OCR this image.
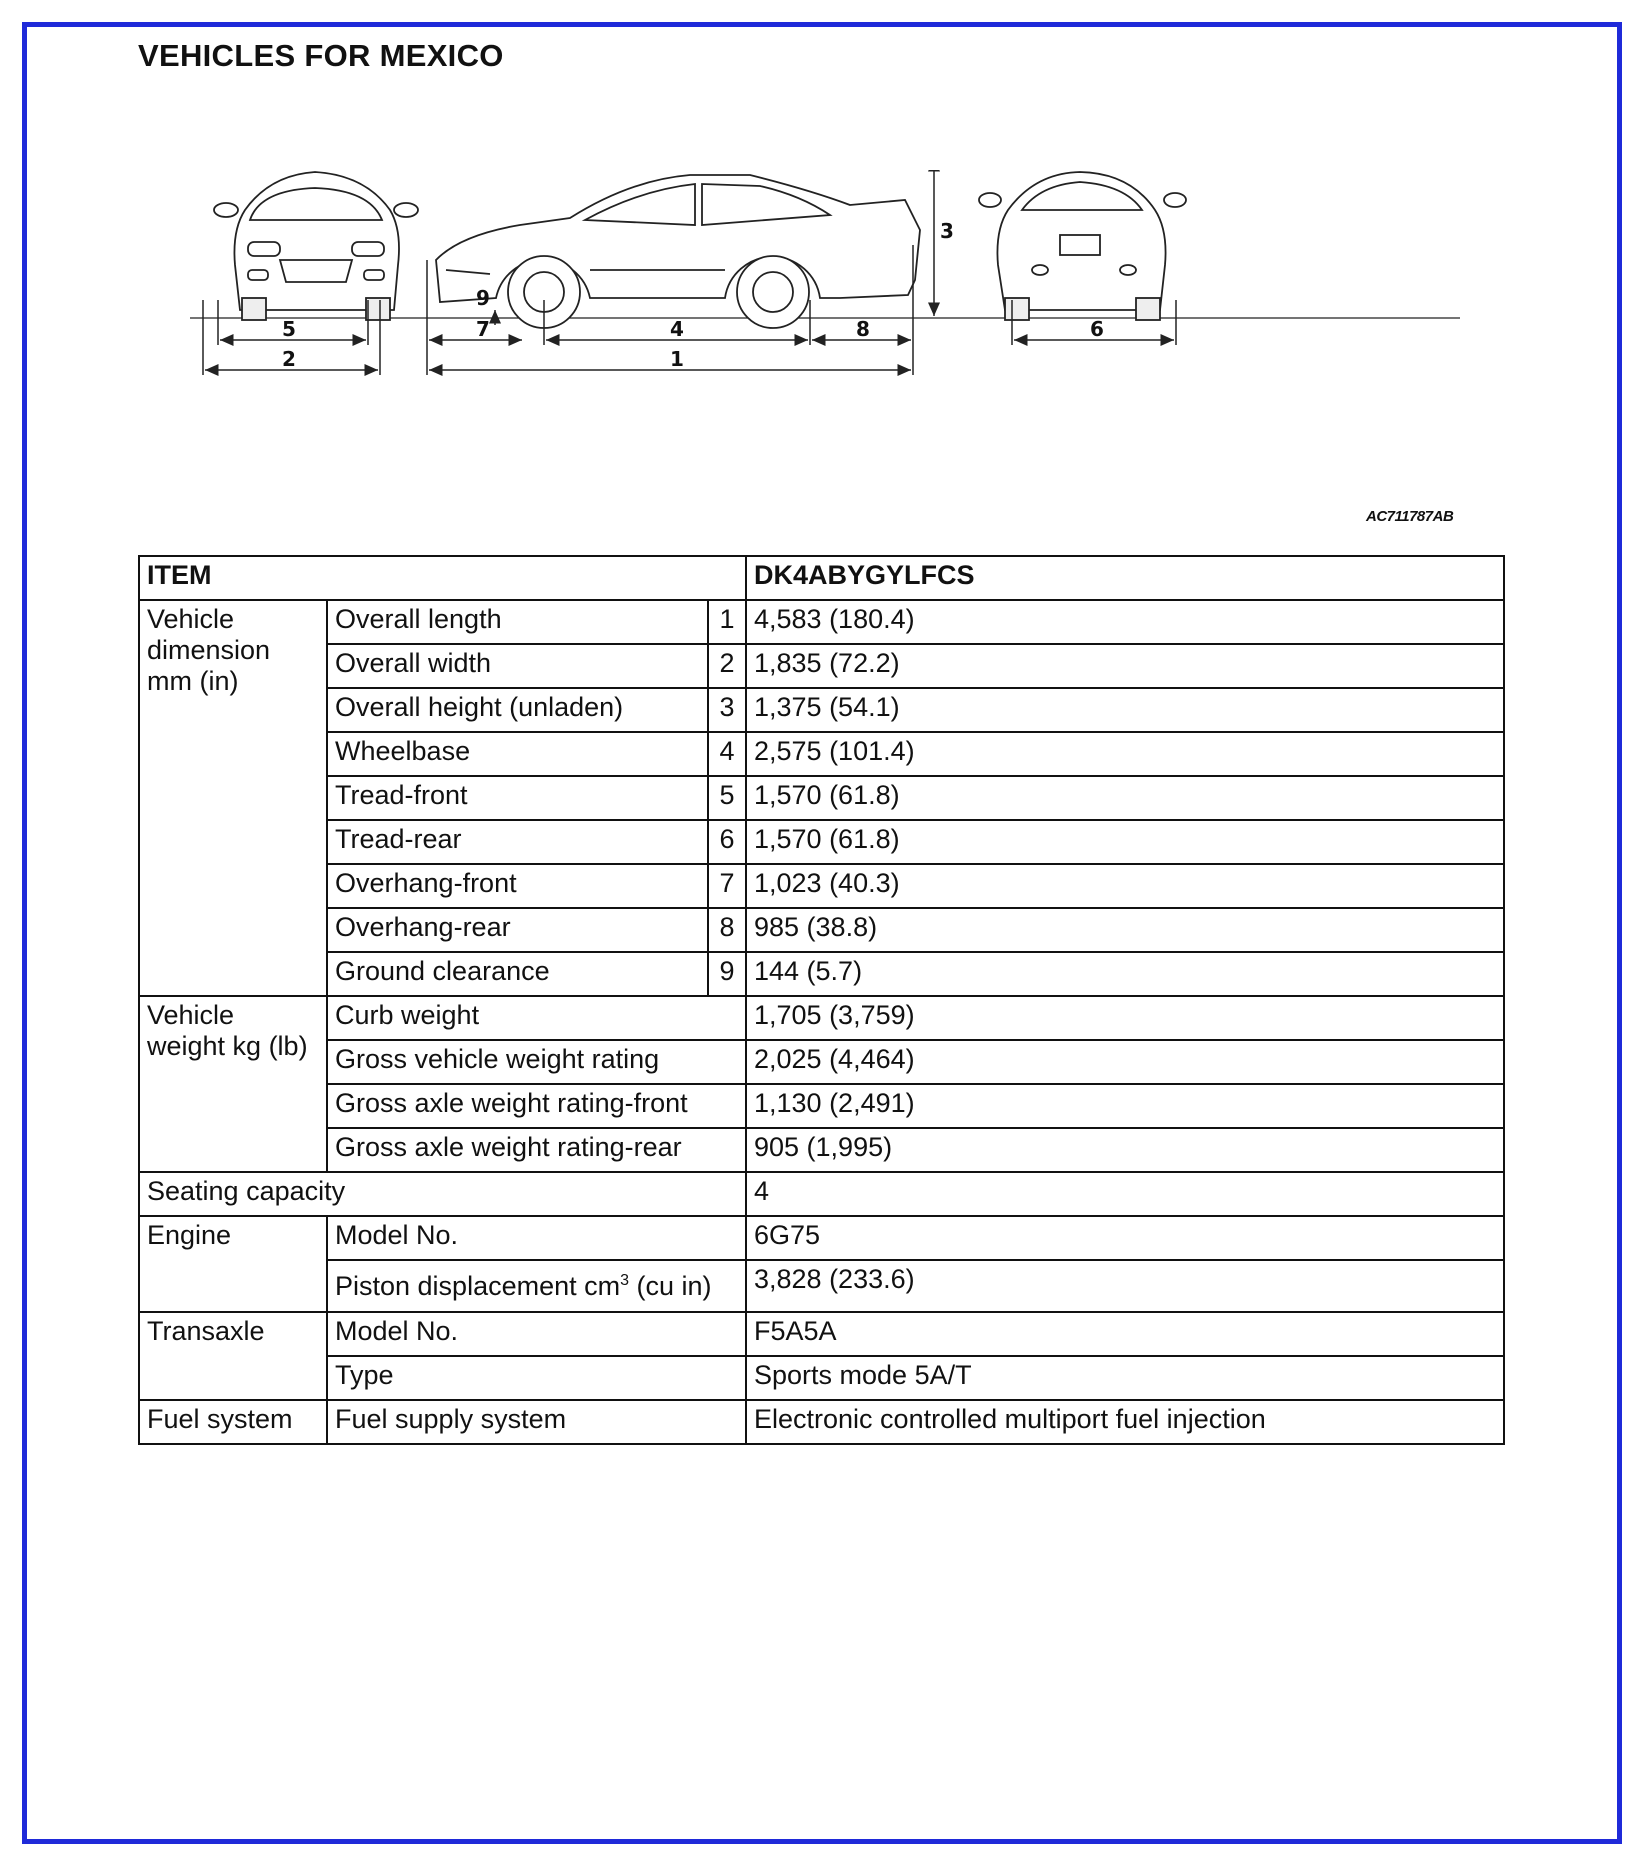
VEHICLES FOR MEXICO
5
2
9
7	4
1
8
3
6
AC711787AB
ITEM			DK4ABYGYLFCS
Vehicle dimension mm (in)	Overall length	1	4,583 (180.4)
	Overall width	2	1,835 (72.2)
	Overall height (unladen)	3	1,375 (54.1)
	Wheelbase	4	2,575 (101.4)
	Tread-front	5	1,570 (61.8)
	Tread-rear	6	1,570 (61.8)
	Overhang-front	7	1,023 (40.3)
	Overhang-rear	8	985 (38.8)
	Ground clearance	9	144 (5.7)
Vehicle weight kg (lb)	Curb weight		1,705 (3,759)
	Gross vehicle weight rating		2,025 (4,464)
	Gross axle weight rating-front		1,130 (2,491)
	Gross axle weight rating-rear		905 (1,995)
Seating capacity			4
Engine	Model No.		6G75
	Piston displacement $cm^3$ (cu in)		3,828 (233.6)
Transaxle	Model No.		F5A5A
	Type		Sports mode 5A/T
Fuel system	Fuel supply system		Electronic controlled multiport fuel injection
